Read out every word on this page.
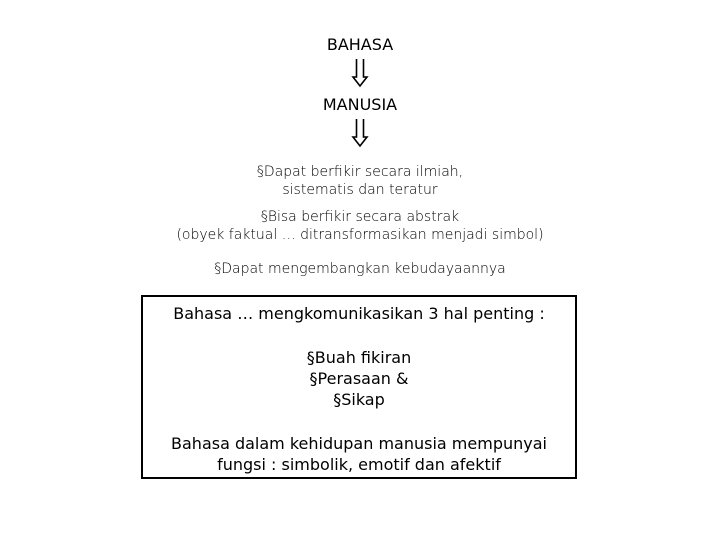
BAHASA
MANUSIA
§Dapat berfikir secara ilmiah,
sistematis dan teratur
§Bisa berfikir secara abstrak
(obyek faktual … ditransformasikan menjadi simbol)
§Dapat mengembangkan kebudayaannya
Bahasa … mengkomunikasikan 3 hal penting :
§Buah fikiran
§Perasaan &
§Sikap
Bahasa dalam kehidupan manusia mempunyai
fungsi : simbolik, emotif dan afektif
